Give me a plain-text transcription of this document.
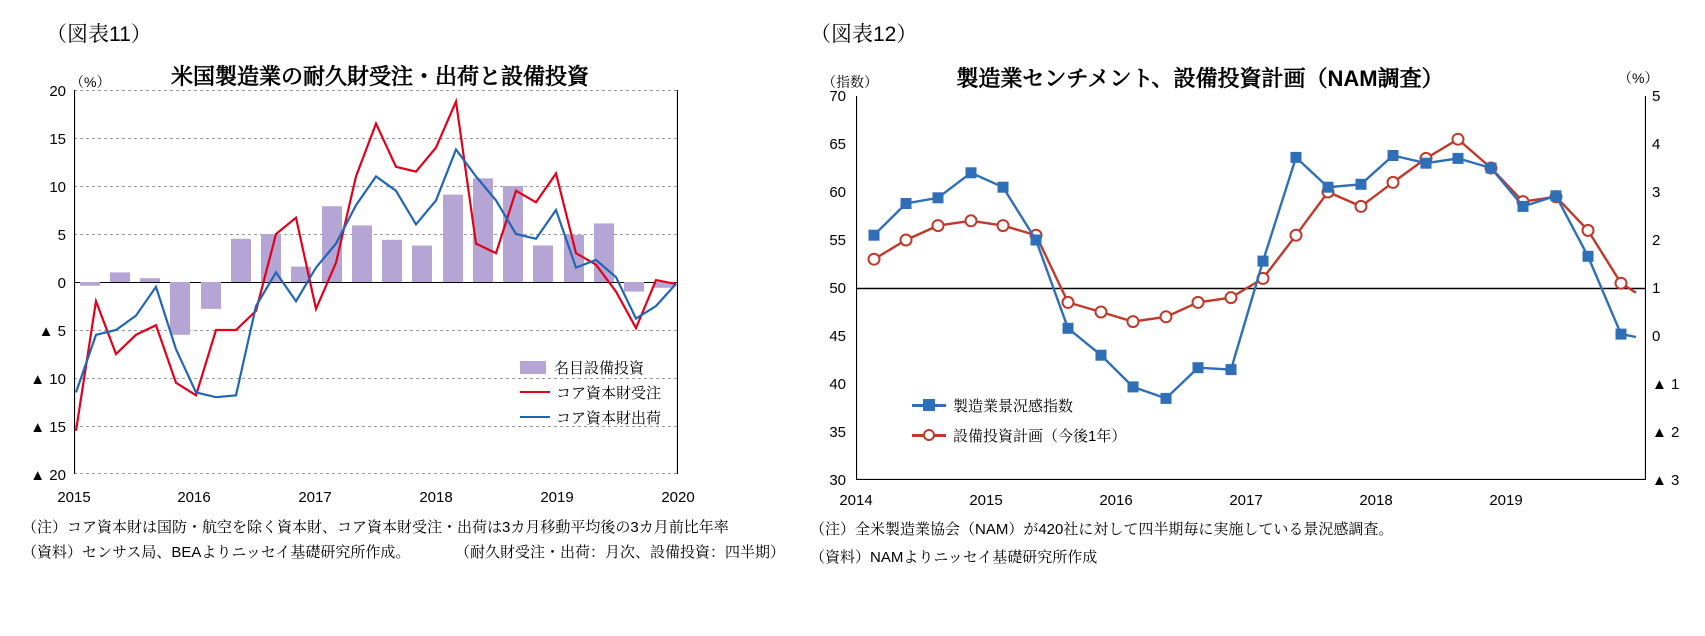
（図表11）
米国製造業の耐久財受注・出荷と設備投資
（%）
20
15
10
5
0
▲ 5
▲ 10
▲ 15
▲ 20
2015	2016	2017	2018	2019	2020
名目設備投資
コア資本財受注
コア資本財出荷
（注）コア資本財は国防・航空を除く資本財、コア資本財受注・出荷は3カ月移動平均後の3カ月前比年率
（資料）センサス局、BEAよりニッセイ基礎研究所作成。	（耐久財受注・出荷：月次、設備投資：四半期）
（図表12）
製造業センチメント、設備投資計画（NAM調査）
（指数）	（%）
70
65
60
55
50
45
40
35
30
5
4
3
2
1
0
▲ 1
▲ 2
▲ 3
2014	2015	2016	2017	2018	2019
製造業景況感指数
設備投資計画（今後1年）
（注）全米製造業協会（NAM）が420社に対して四半期毎に実施している景況感調査。
（資料）NAMよりニッセイ基礎研究所作成
